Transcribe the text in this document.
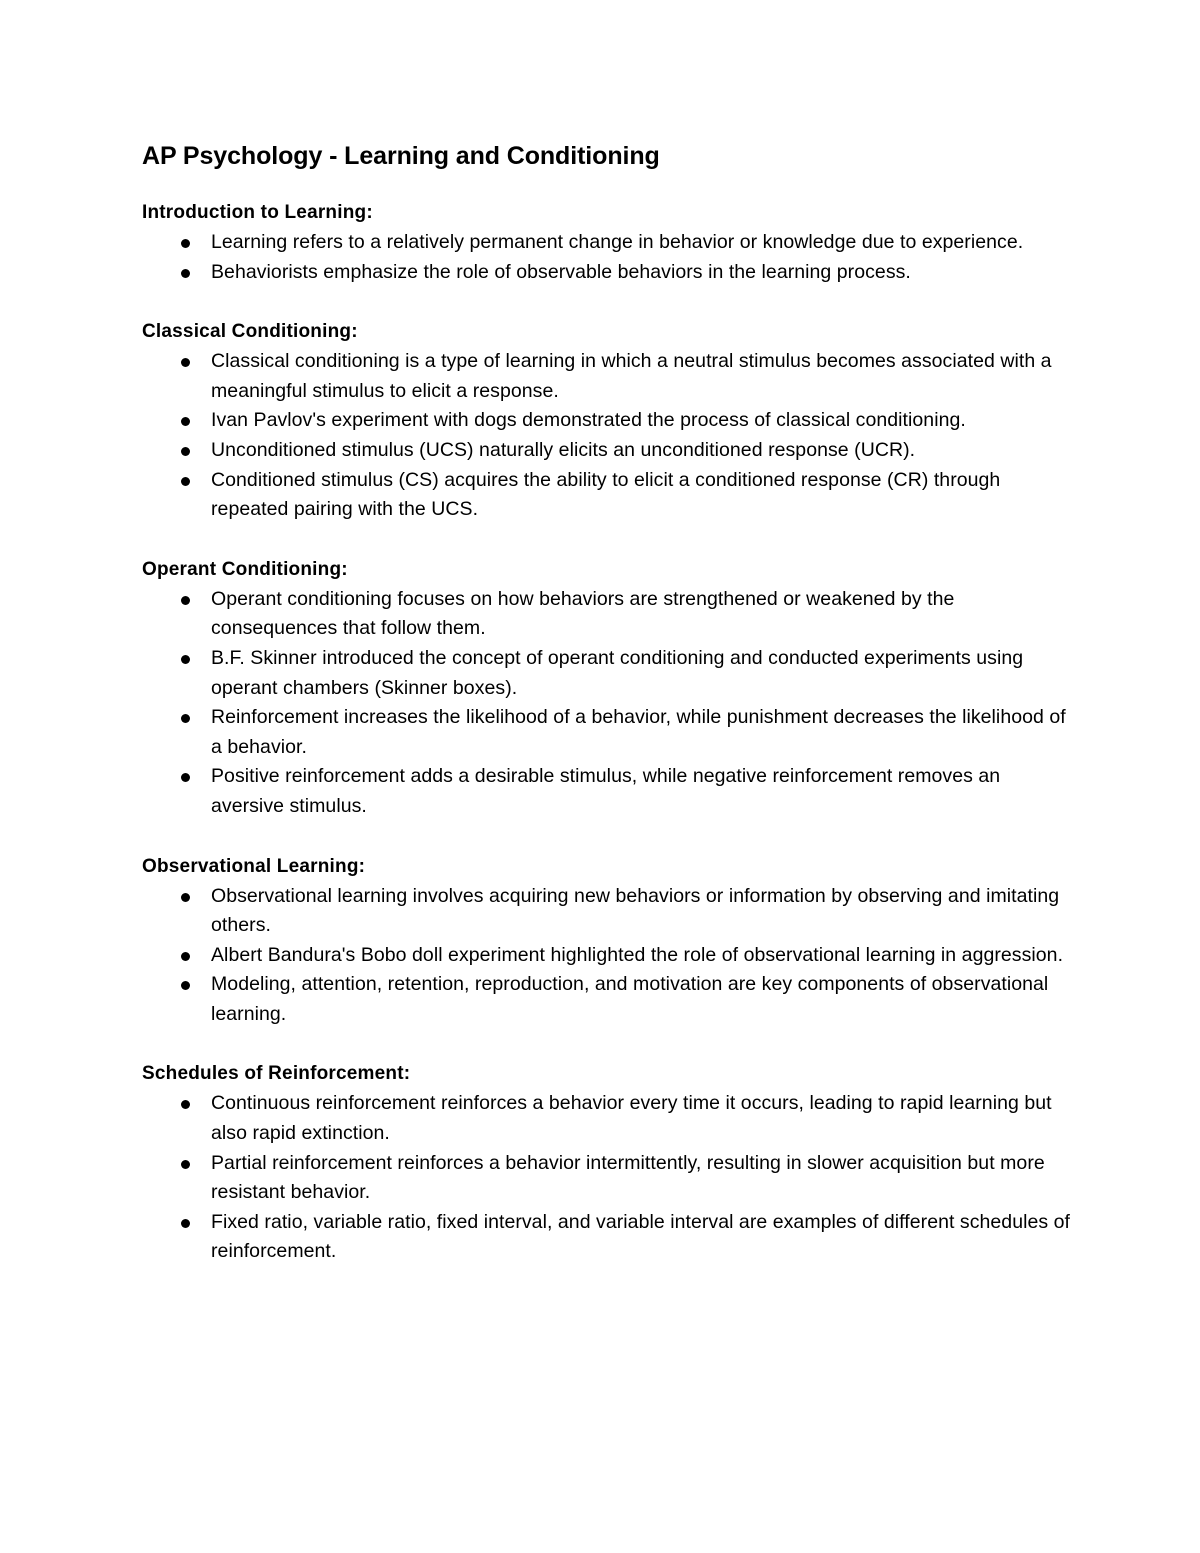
AP Psychology - Learning and Conditioning
Introduction to Learning:
Learning refers to a relatively permanent change in behavior or knowledge due to experience.
Behaviorists emphasize the role of observable behaviors in the learning process.
Classical Conditioning:
Classical conditioning is a type of learning in which a neutral stimulus becomes associated with a meaningful stimulus to elicit a response.
Ivan Pavlov's experiment with dogs demonstrated the process of classical conditioning.
Unconditioned stimulus (UCS) naturally elicits an unconditioned response (UCR).
Conditioned stimulus (CS) acquires the ability to elicit a conditioned response (CR) through repeated pairing with the UCS.
Operant Conditioning:
Operant conditioning focuses on how behaviors are strengthened or weakened by the consequences that follow them.
B.F. Skinner introduced the concept of operant conditioning and conducted experiments using operant chambers (Skinner boxes).
Reinforcement increases the likelihood of a behavior, while punishment decreases the likelihood of a behavior.
Positive reinforcement adds a desirable stimulus, while negative reinforcement removes an aversive stimulus.
Observational Learning:
Observational learning involves acquiring new behaviors or information by observing and imitating others.
Albert Bandura's Bobo doll experiment highlighted the role of observational learning in aggression.
Modeling, attention, retention, reproduction, and motivation are key components of observational learning.
Schedules of Reinforcement:
Continuous reinforcement reinforces a behavior every time it occurs, leading to rapid learning but also rapid extinction.
Partial reinforcement reinforces a behavior intermittently, resulting in slower acquisition but more resistant behavior.
Fixed ratio, variable ratio, fixed interval, and variable interval are examples of different schedules of reinforcement.
